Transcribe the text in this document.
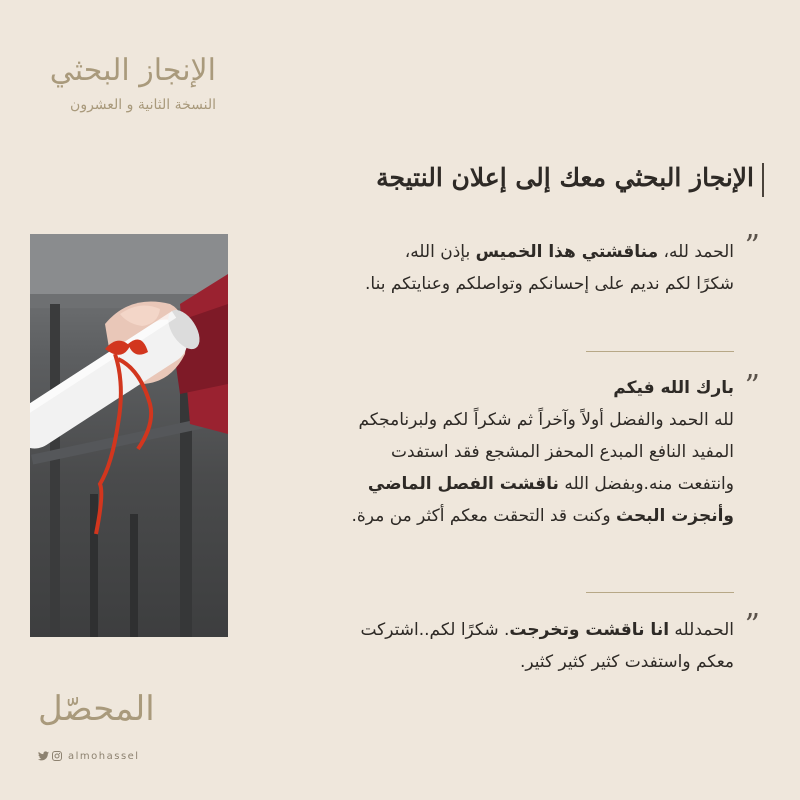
الإنجاز البحثي
النسخة الثانية و العشرون
الإنجاز البحثي معك إلى إعلان النتيجة
”
الحمد لله، مناقشتي هذا الخميس بإذن الله،
شكرًا لكم نديم على إحسانكم وتواصلكم وعنايتكم بنا.
”
بارك الله فيكم
لله الحمد والفضل أولاً وآخراً ثم شكراً لكم ولبرنامجكم
المفيد النافع المبدع المحفز المشجع فقد استفدت
وانتفعت منه.وبفضل الله ناقشت الفصل الماضي
وأنجزت البحث وكنت قد التحقت معكم أكثر من مرة.
”
الحمدلله انا ناقشت وتخرجت. شكرًا لكم..اشتركت
معكم واستفدت كثير كثير كثير.
المحصّل
almohassel
